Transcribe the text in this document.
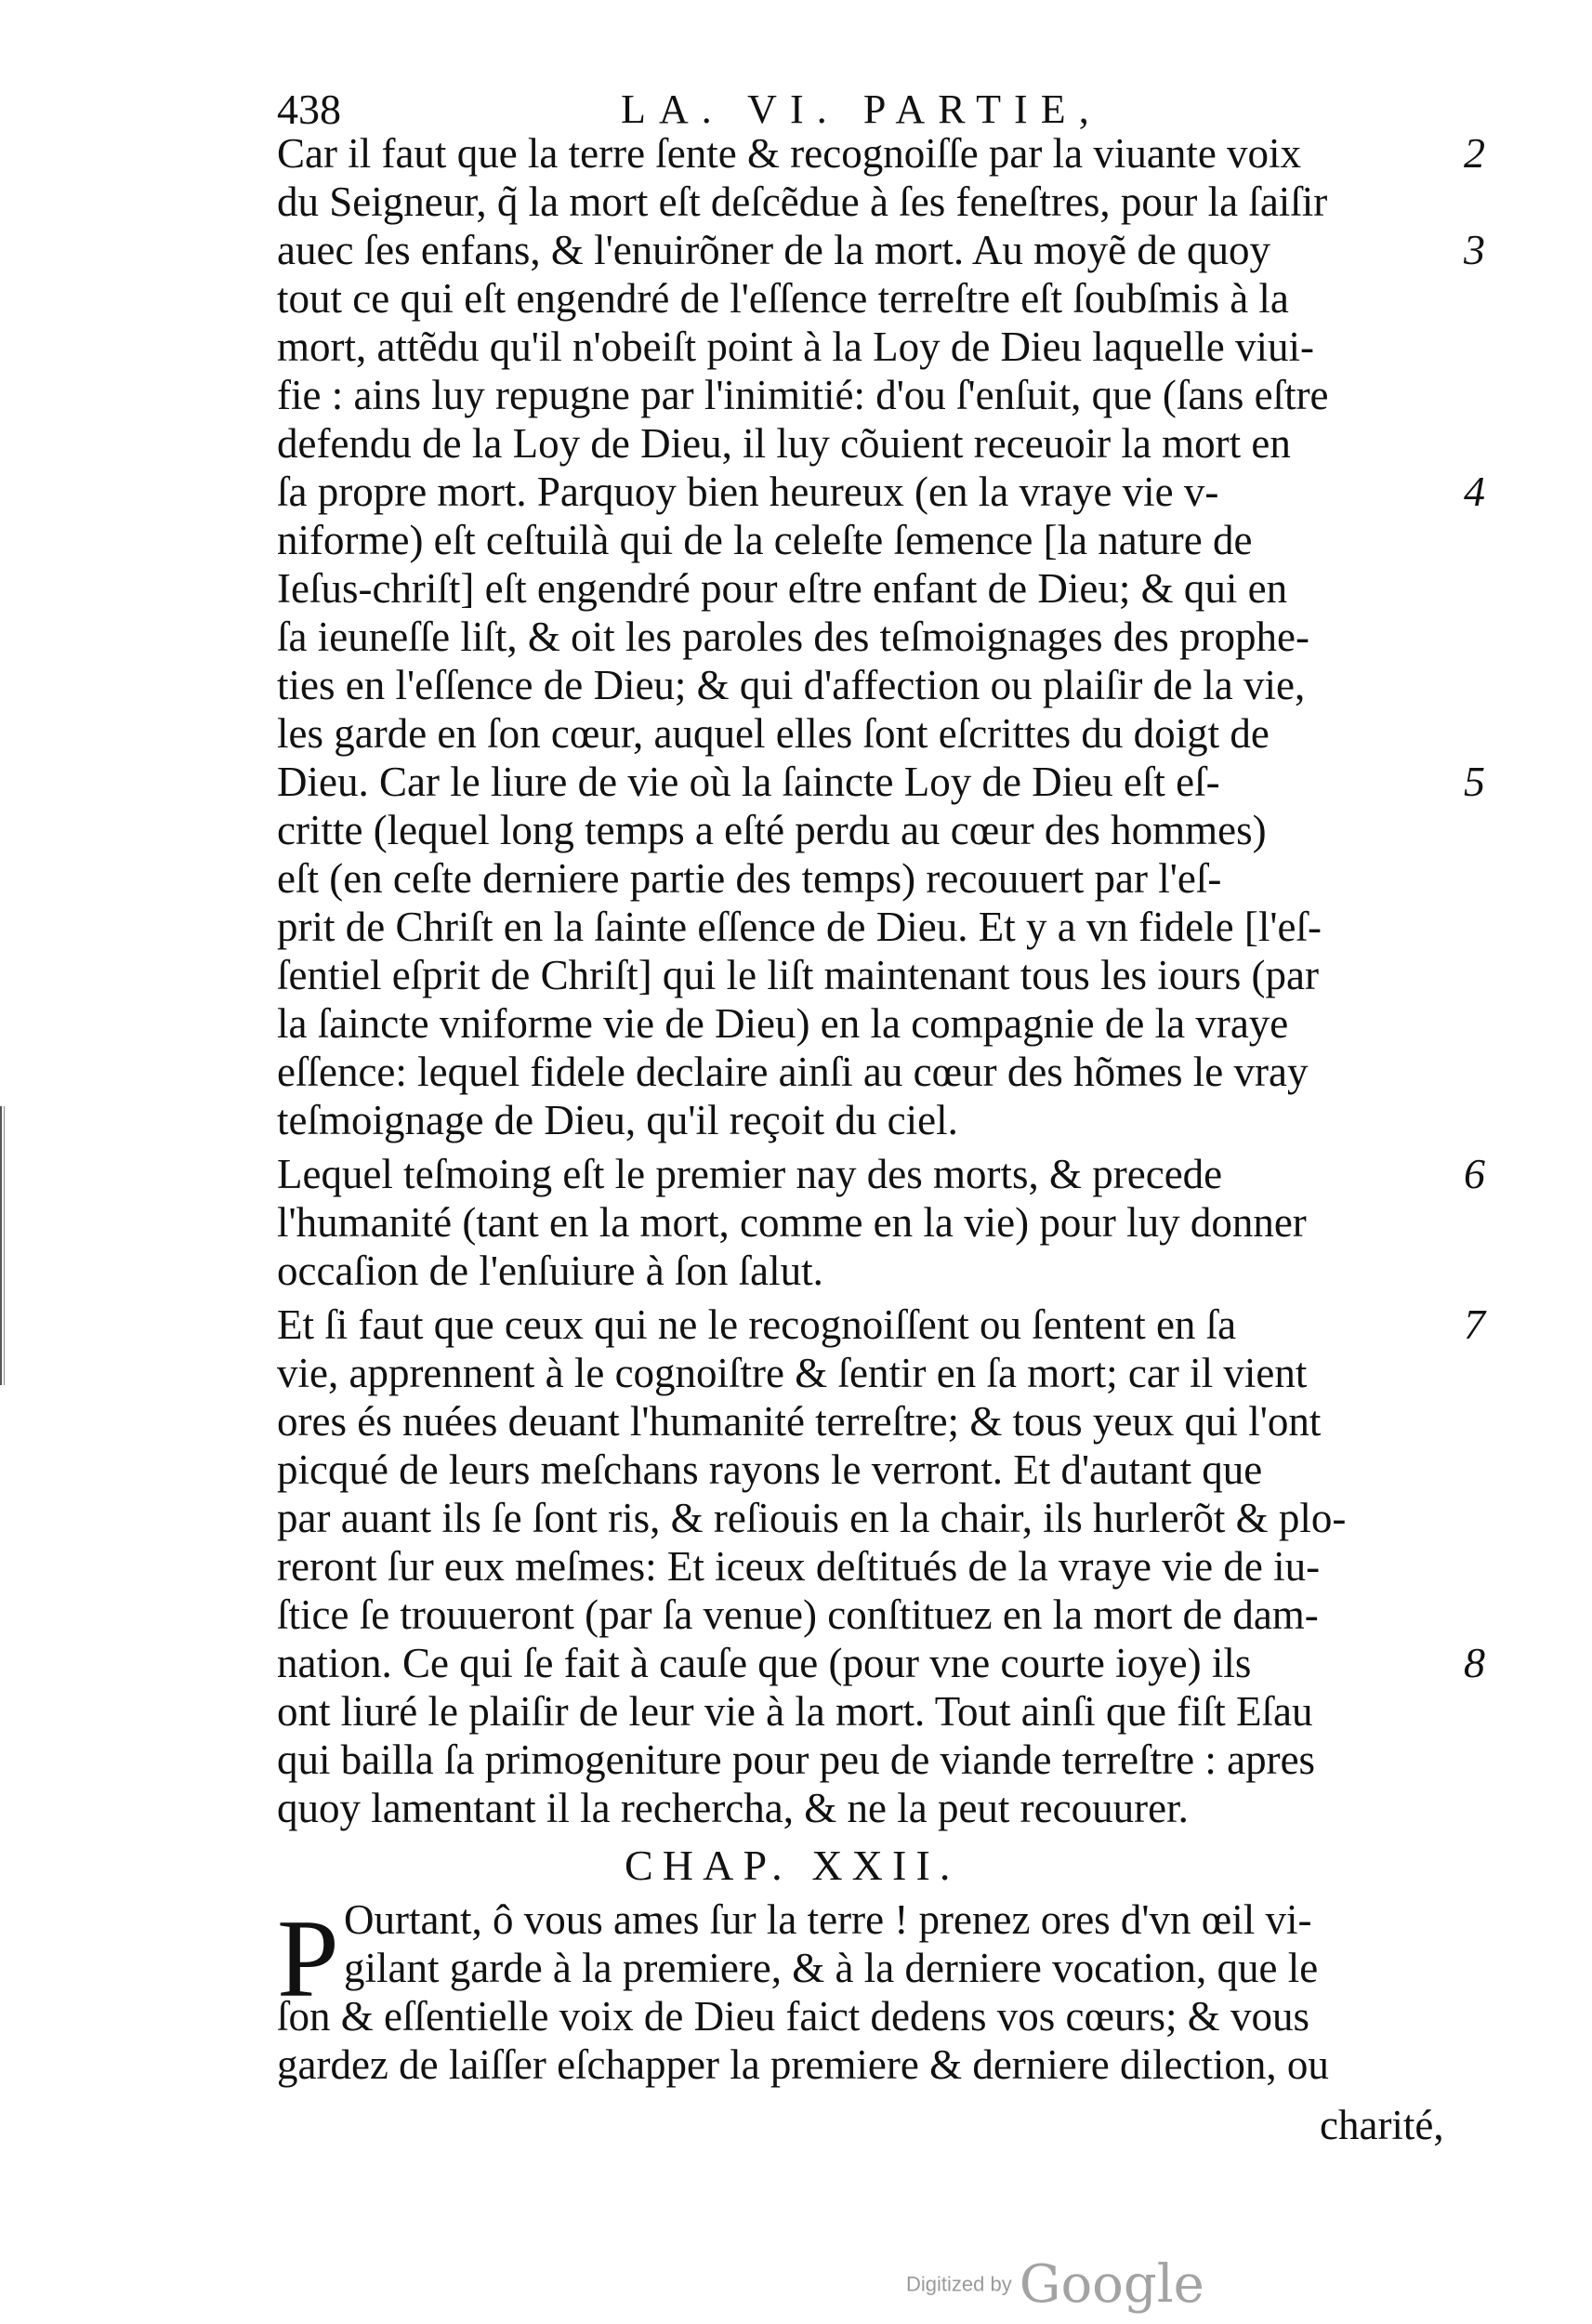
438	LA. VI. PARTIE,
Car il faut que la terre ſente & recognoiſſe par la viuante voix
du Seigneur, q̃ la mort eſt deſcẽdue à ſes feneſtres, pour la ſaiſir
auec ſes enfans, & l'enuirõner de la mort. Au moyẽ de quoy
tout ce qui eſt engendré de l'eſſence terreſtre eſt ſoubſmis à la
mort, attẽdu qu'il n'obeiſt point à la Loy de Dieu laquelle viui-
fie : ains luy repugne par l'inimitié: d'ou ſ'enſuit, que (ſans eſtre
defendu de la Loy de Dieu, il luy cõuient receuoir la mort en
ſa propre mort. Parquoy bien heureux (en la vraye vie v-
niforme) eſt ceſtuilà qui de la celeſte ſemence [la nature de
Ieſus-chriſt] eſt engendré pour eſtre enfant de Dieu; & qui en
ſa ieuneſſe liſt, & oit les paroles des teſmoignages des prophe-
ties en l'eſſence de Dieu; & qui d'affection ou plaiſir de la vie,
les garde en ſon cœur, auquel elles ſont eſcrittes du doigt de
Dieu. Car le liure de vie où la ſaincte Loy de Dieu eſt eſ-
critte (lequel long temps a eſté perdu au cœur des hommes)
eſt (en ceſte derniere partie des temps) recouuert par l'eſ-
prit de Chriſt en la ſainte eſſence de Dieu. Et y a vn fidele [l'eſ-
ſentiel eſprit de Chriſt] qui le liſt maintenant tous les iours (par
la ſaincte vniforme vie de Dieu) en la compagnie de la vraye
eſſence: lequel fidele declaire ainſi au cœur des hõmes le vray
teſmoignage de Dieu, qu'il reçoit du ciel.
Lequel teſmoing eſt le premier nay des morts, & precede
l'humanité (tant en la mort, comme en la vie) pour luy donner
occaſion de l'enſuiure à ſon ſalut.
Et ſi faut que ceux qui ne le recognoiſſent ou ſentent en ſa
vie, apprennent à le cognoiſtre & ſentir en ſa mort; car il vient
ores és nuées deuant l'humanité terreſtre; & tous yeux qui l'ont
picqué de leurs meſchans rayons le verront. Et d'autant que
par auant ils ſe ſont ris, & reſiouis en la chair, ils hurlerõt & plo-
reront ſur eux meſmes: Et iceux deſtitués de la vraye vie de iu-
ſtice ſe trouueront (par ſa venue) conſtituez en la mort de dam-
nation. Ce qui ſe fait à cauſe que (pour vne courte ioye) ils
ont liuré le plaiſir de leur vie à la mort. Tout ainſi que fiſt Eſau
qui bailla ſa primogeniture pour peu de viande terreſtre : apres
quoy lamentant il la rechercha, & ne la peut recouurer.
CHAP. XXII.
P Ourtant, ô vous ames ſur la terre ! prenez ores d'vn œil vi-
gilant garde à la premiere, & à la derniere vocation, que le
ſon & eſſentielle voix de Dieu faict dedens vos cœurs; & vous
gardez de laiſſer eſchapper la premiere & derniere dilection, ou
charité,
2
3
4
5
6
7
8
Digitized by Google
